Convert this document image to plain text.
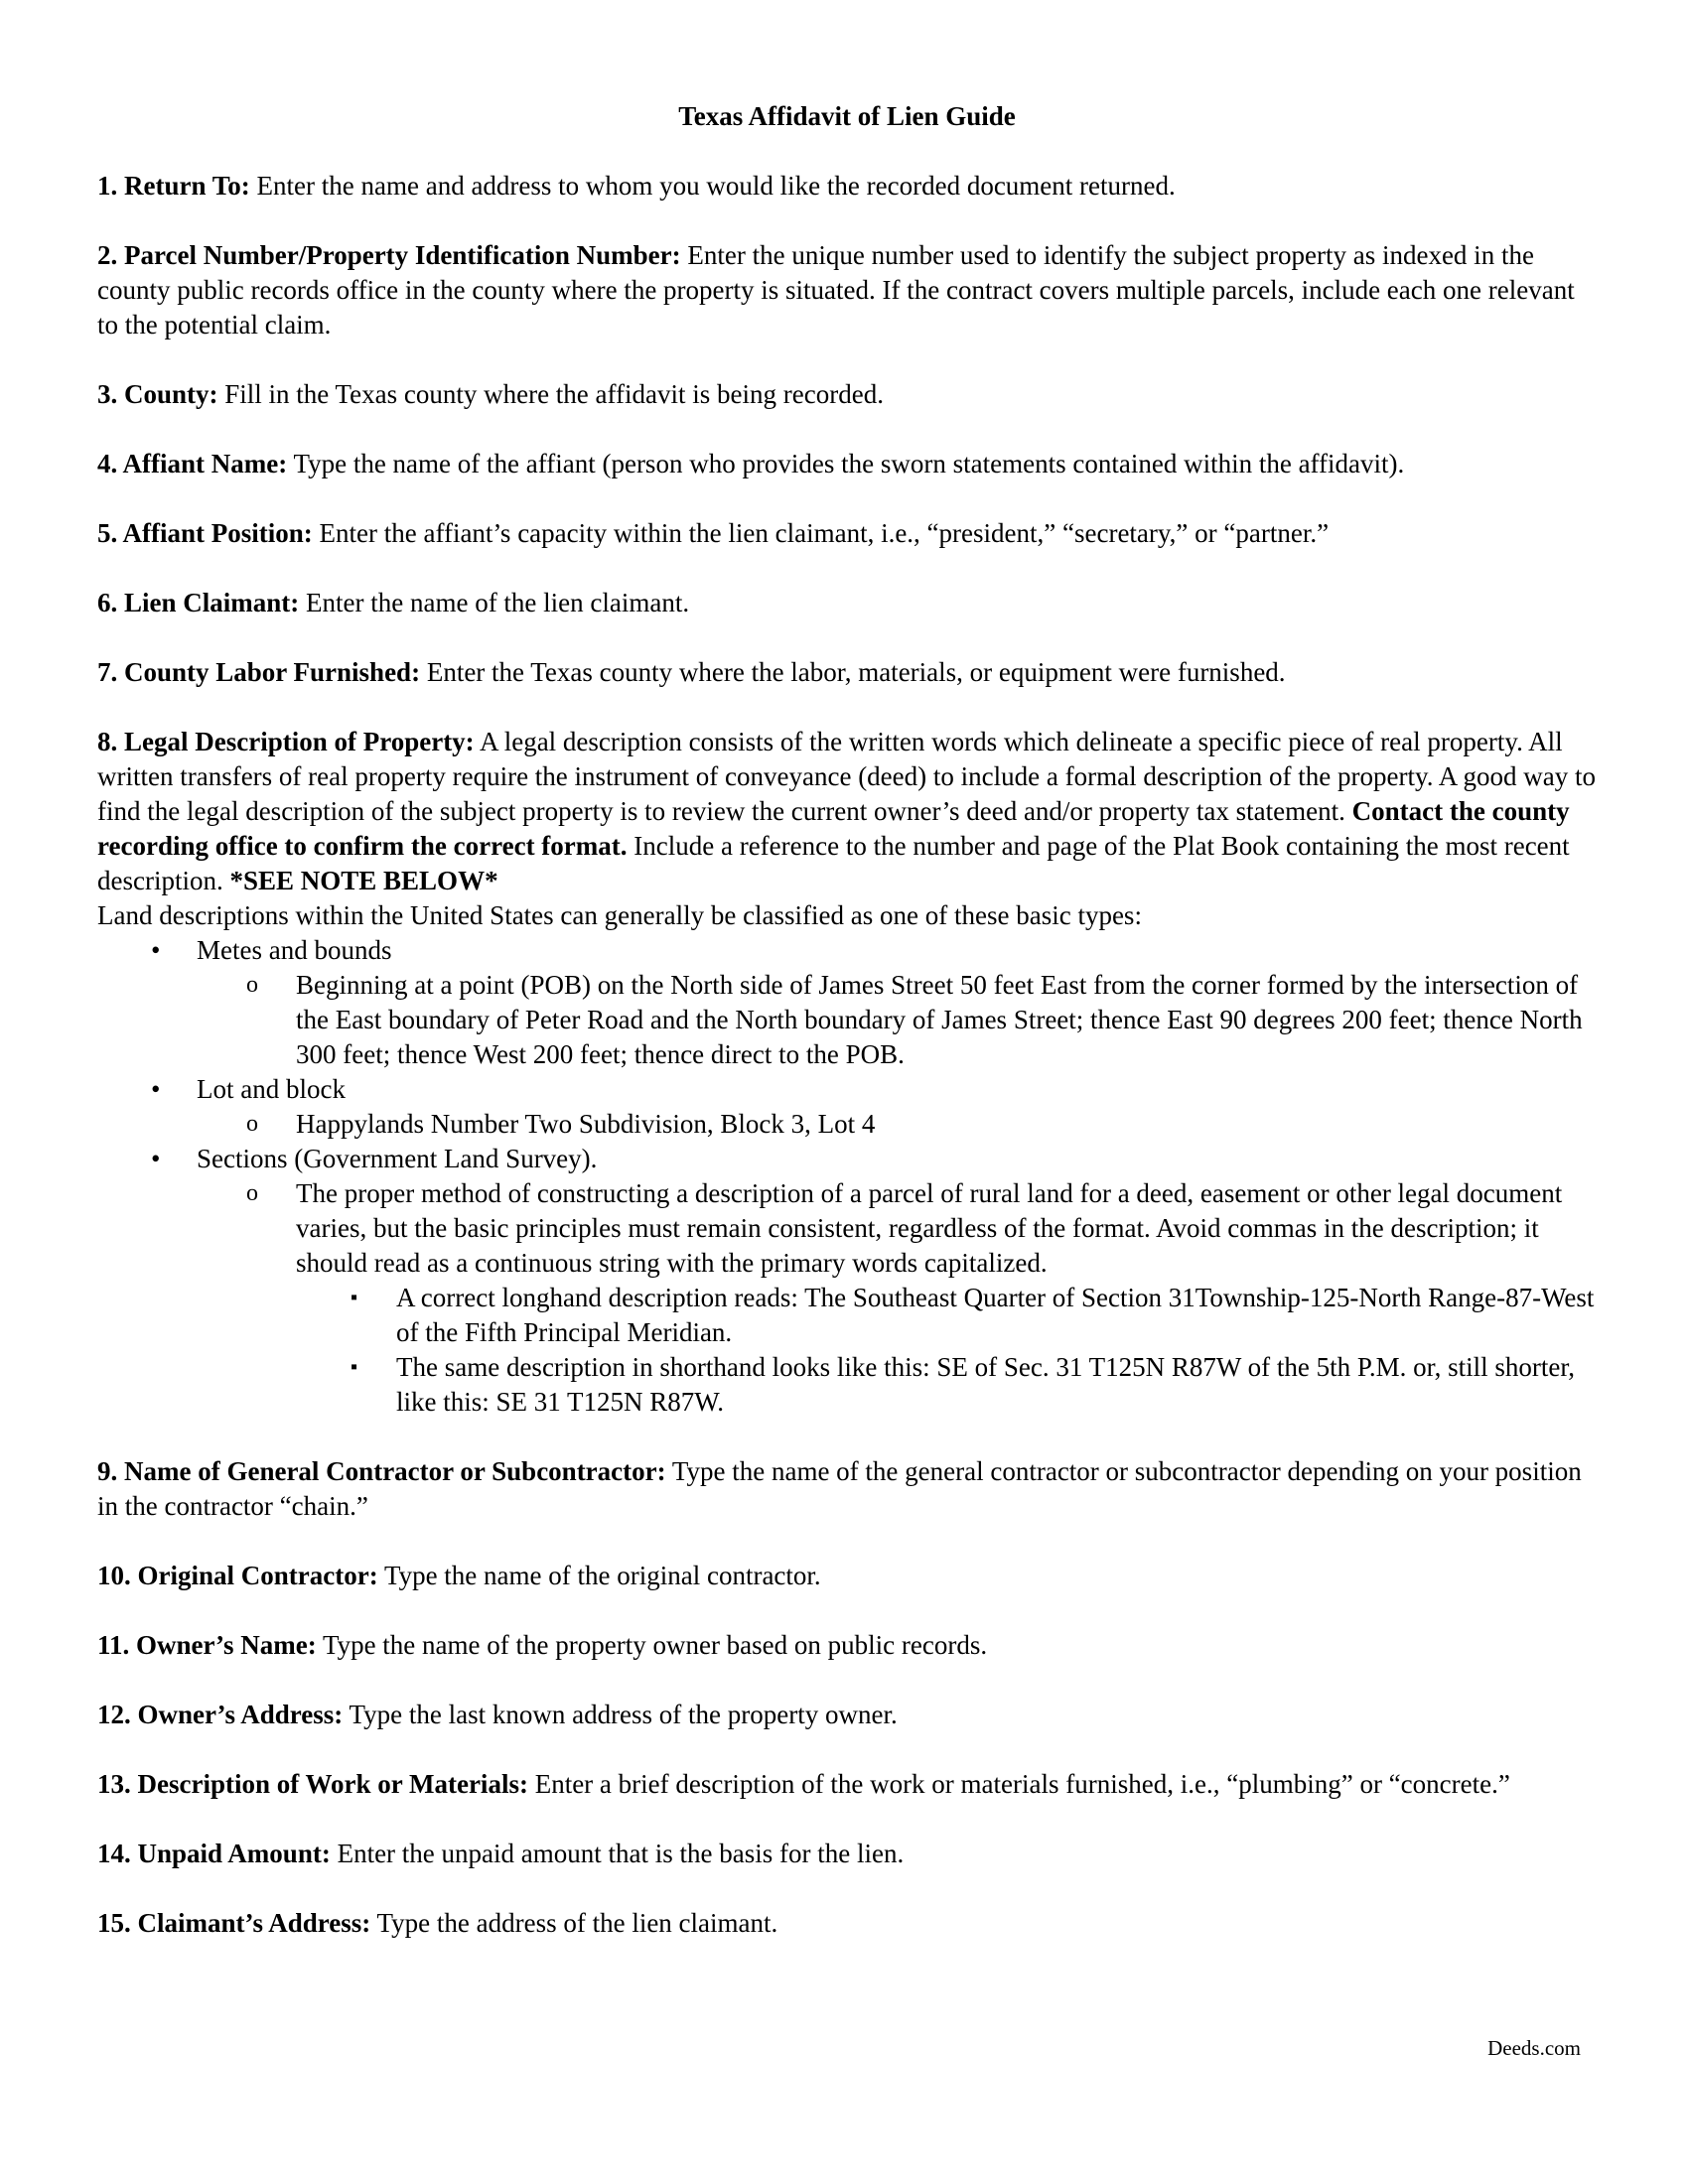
Texas Affidavit of Lien Guide

1. Return To: Enter the name and address to whom you would like the recorded document returned.

2. Parcel Number/Property Identification Number: Enter the unique number used to identify the subject property as indexed in the county public records office in the county where the property is situated. If the contract covers multiple parcels, include each one relevant to the potential claim.

3. County: Fill in the Texas county where the affidavit is being recorded.

4. Affiant Name: Type the name of the affiant (person who provides the sworn statements contained within the affidavit).

5. Affiant Position: Enter the affiant’s capacity within the lien claimant, i.e., “president,” “secretary,” or “partner.”

6. Lien Claimant: Enter the name of the lien claimant.

7. County Labor Furnished: Enter the Texas county where the labor, materials, or equipment were furnished.

8. Legal Description of Property: A legal description consists of the written words which delineate a specific piece of real property. All written transfers of real property require the instrument of conveyance (deed) to include a formal description of the property. A good way to find the legal description of the subject property is to review the current owner’s deed and/or property tax statement. Contact the county recording office to confirm the correct format. Include a reference to the number and page of the Plat Book containing the most recent description. *SEE NOTE BELOW*

Land descriptions within the United States can generally be classified as one of these basic types:
• Metes and bounds
o Beginning at a point (POB) on the North side of James Street 50 feet East from the corner formed by the intersection of the East boundary of Peter Road and the North boundary of James Street; thence East 90 degrees 200 feet; thence North 300 feet; thence West 200 feet; thence direct to the POB.
• Lot and block
o Happylands Number Two Subdivision, Block 3, Lot 4
• Sections (Government Land Survey).
o The proper method of constructing a description of a parcel of rural land for a deed, easement or other legal document varies, but the basic principles must remain consistent, regardless of the format. Avoid commas in the description; it should read as a continuous string with the primary words capitalized.
▪ A correct longhand description reads: The Southeast Quarter of Section 31Township-125-North Range-87-West of the Fifth Principal Meridian.
▪ The same description in shorthand looks like this: SE of Sec. 31 T125N R87W of the 5th P.M. or, still shorter, like this: SE 31 T125N R87W.

9. Name of General Contractor or Subcontractor: Type the name of the general contractor or subcontractor depending on your position in the contractor “chain.”

10. Original Contractor: Type the name of the original contractor.

11. Owner’s Name: Type the name of the property owner based on public records.

12. Owner’s Address: Type the last known address of the property owner.

13. Description of Work or Materials: Enter a brief description of the work or materials furnished, i.e., “plumbing” or “concrete.”

14. Unpaid Amount: Enter the unpaid amount that is the basis for the lien.

15. Claimant’s Address: Type the address of the lien claimant.

Deeds.com
